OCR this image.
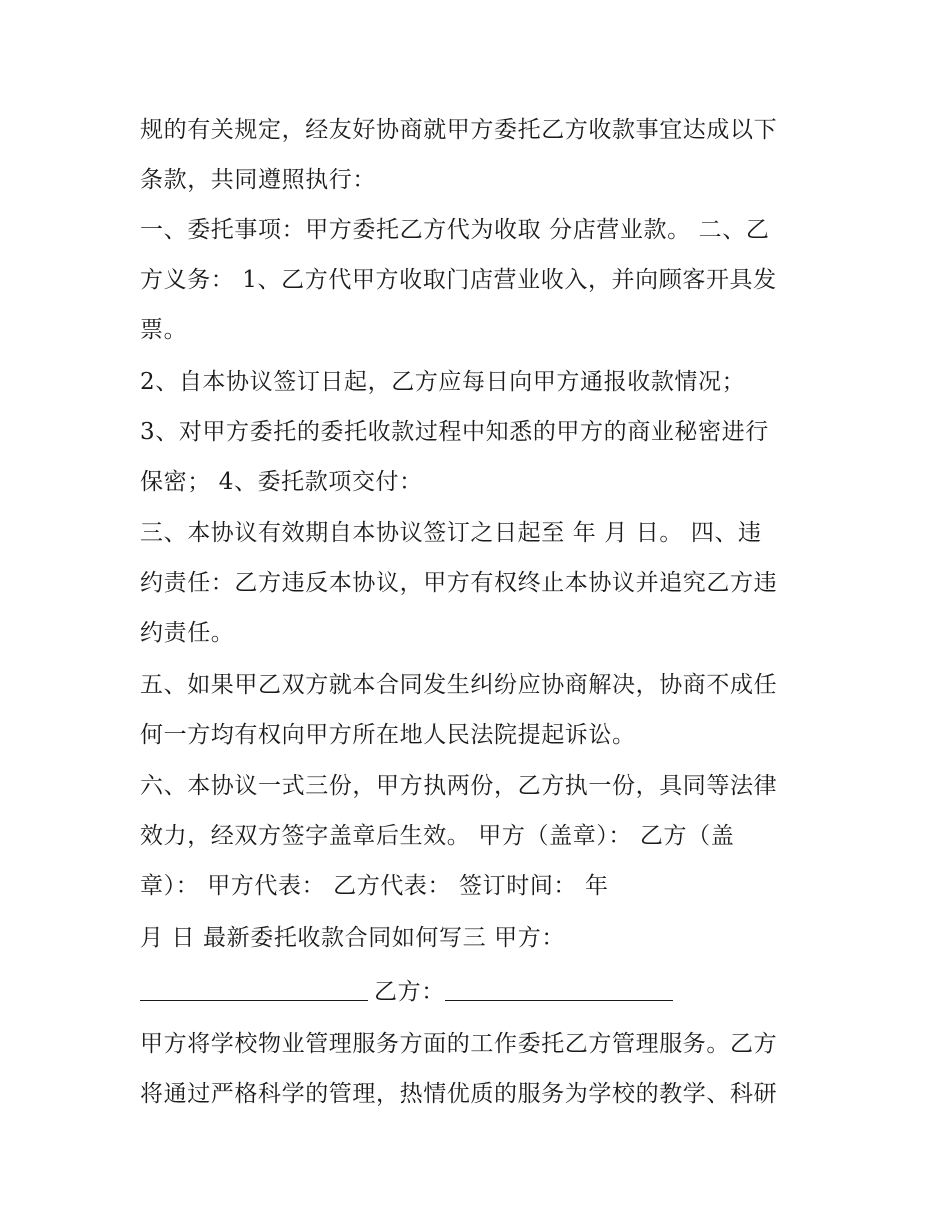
规的有关规定，经友好协商就甲方委托乙方收款事宜达成以下
条款，共同遵照执行：
一、委托事项：甲方委托乙方代为收取 分店营业款。 二、乙
方义务： 1、乙方代甲方收取门店营业收入，并向顾客开具发
票。
2、自本协议签订日起，乙方应每日向甲方通报收款情况；
3、对甲方委托的委托收款过程中知悉的甲方的商业秘密进行
保密； 4、委托款项交付：
三、本协议有效期自本协议签订之日起至 年 月 日。 四、违
约责任：乙方违反本协议，甲方有权终止本协议并追究乙方违
约责任。
五、如果甲乙双方就本合同发生纠纷应协商解决，协商不成任
何一方均有权向甲方所在地人民法院提起诉讼。
六、本协议一式三份，甲方执两份，乙方执一份，具同等法律
效力，经双方签字盖章后生效。 甲方（盖章）： 乙方（盖
章）： 甲方代表： 乙方代表： 签订时间： 年
月 日 最新委托收款合同如何写三 甲方：
乙方：
甲方将学校物业管理服务方面的工作委托乙方管理服务。乙方
将通过严格科学的管理，热情优质的服务为学校的教学、科研
